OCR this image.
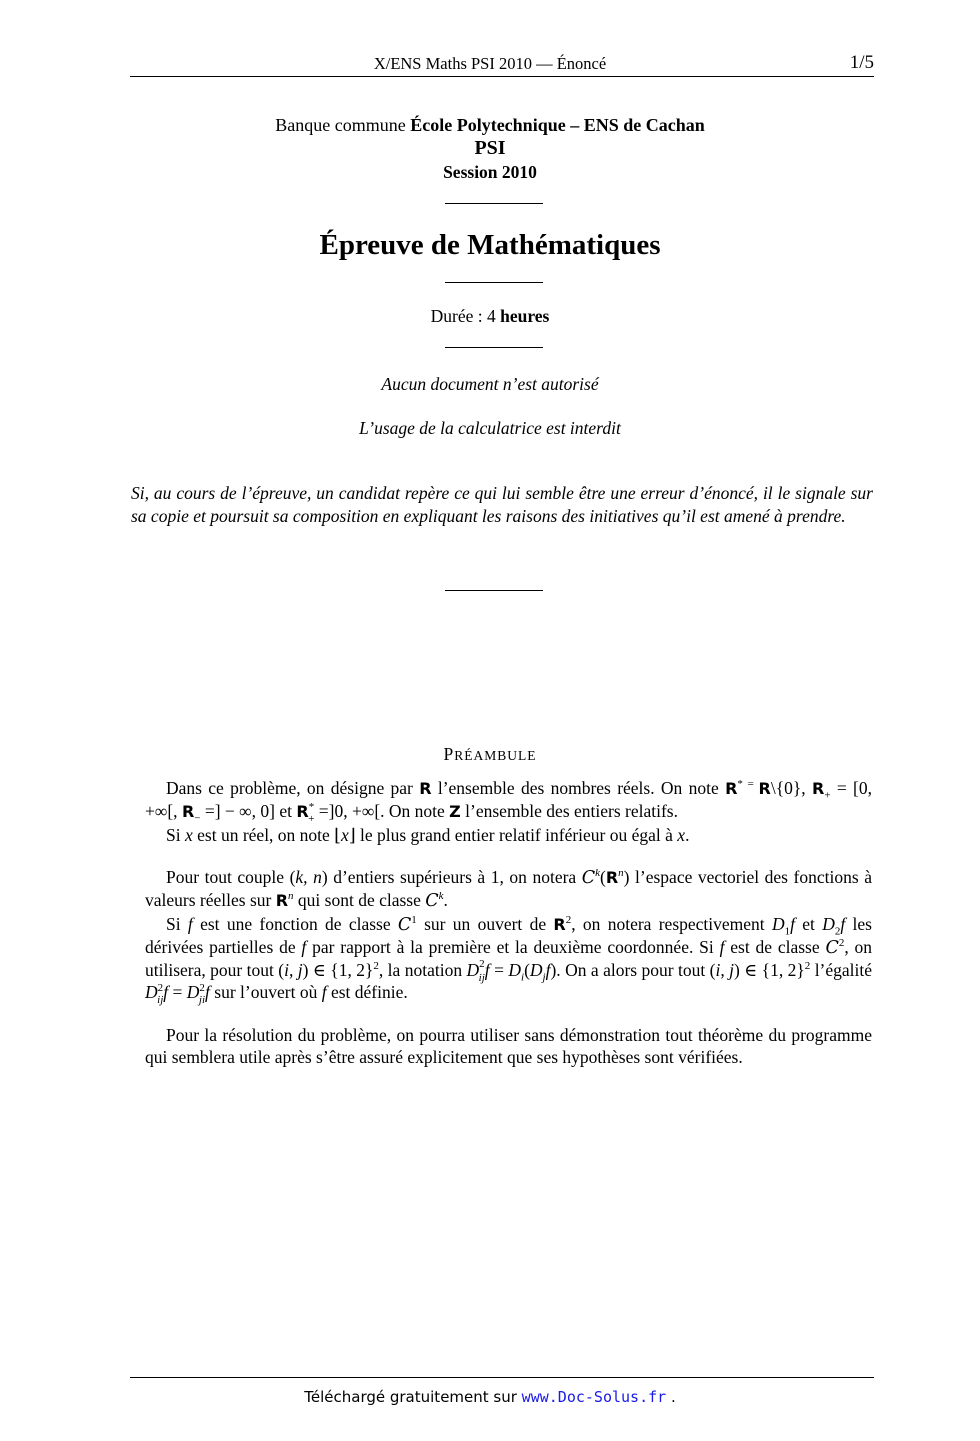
X/ENS Maths PSI 2010 — Énoncé	1/5
Banque commune École Polytechnique – ENS de Cachan
PSI
Session 2010
Épreuve de Mathématiques
Durée : 4 heures
Aucun document n’est autorisé
L’usage de la calculatrice est interdit
Si, au cours de l’épreuve, un candidat repère ce qui lui semble être une erreur d’énoncé, il le signale sur sa copie et poursuit sa composition en expliquant les raisons des initiatives qu’il est amené à prendre.
PRÉAMBULE

Dans ce problème, on désigne par R l’ensemble des nombres réels. On note R* = R\{0}, $R_+ = [0$, +∞[, $R_-$ =] − ∞, 0] et $R^*_+ =]0$, +∞[. On note Z l’ensemble des entiers relatifs.

Si x est un réel, on note ⌊x⌋ le plus grand entier relatif inférieur ou égal à x.

Pour tout couple (k, n) d’entiers supérieurs à 1, on notera $C^k(R^n)$ l’espace vectoriel des fonctions à valeurs réelles sur $R^n$ qui sont de classe $C^k$.

Si f est une fonction de classe $C^1$ sur un ouvert de $R^2$, on notera respectivement $D_1f$ et $D_2f$ les dérivées partielles de f par rapport à la première et la deuxième coordonnée. Si f est de classe $C^2$, on utilisera, pour tout (i, j) ∈ {1, 2}$^2$, la notation $D^2_{ij}f = D_i(D_jf)$. On a alors pour tout (i, j) ∈ {1, 2}$^2$ l’égalité $D^2_{ij}f = D^2_{ji}f$ sur l’ouvert où f est définie.

Pour la résolution du problème, on pourra utiliser sans démonstration tout théorème du programme qui semblera utile après s’être assuré explicitement que ses hypothèses sont vérifiées.

Téléchargé gratuitement sur www.Doc-Solus.fr .
